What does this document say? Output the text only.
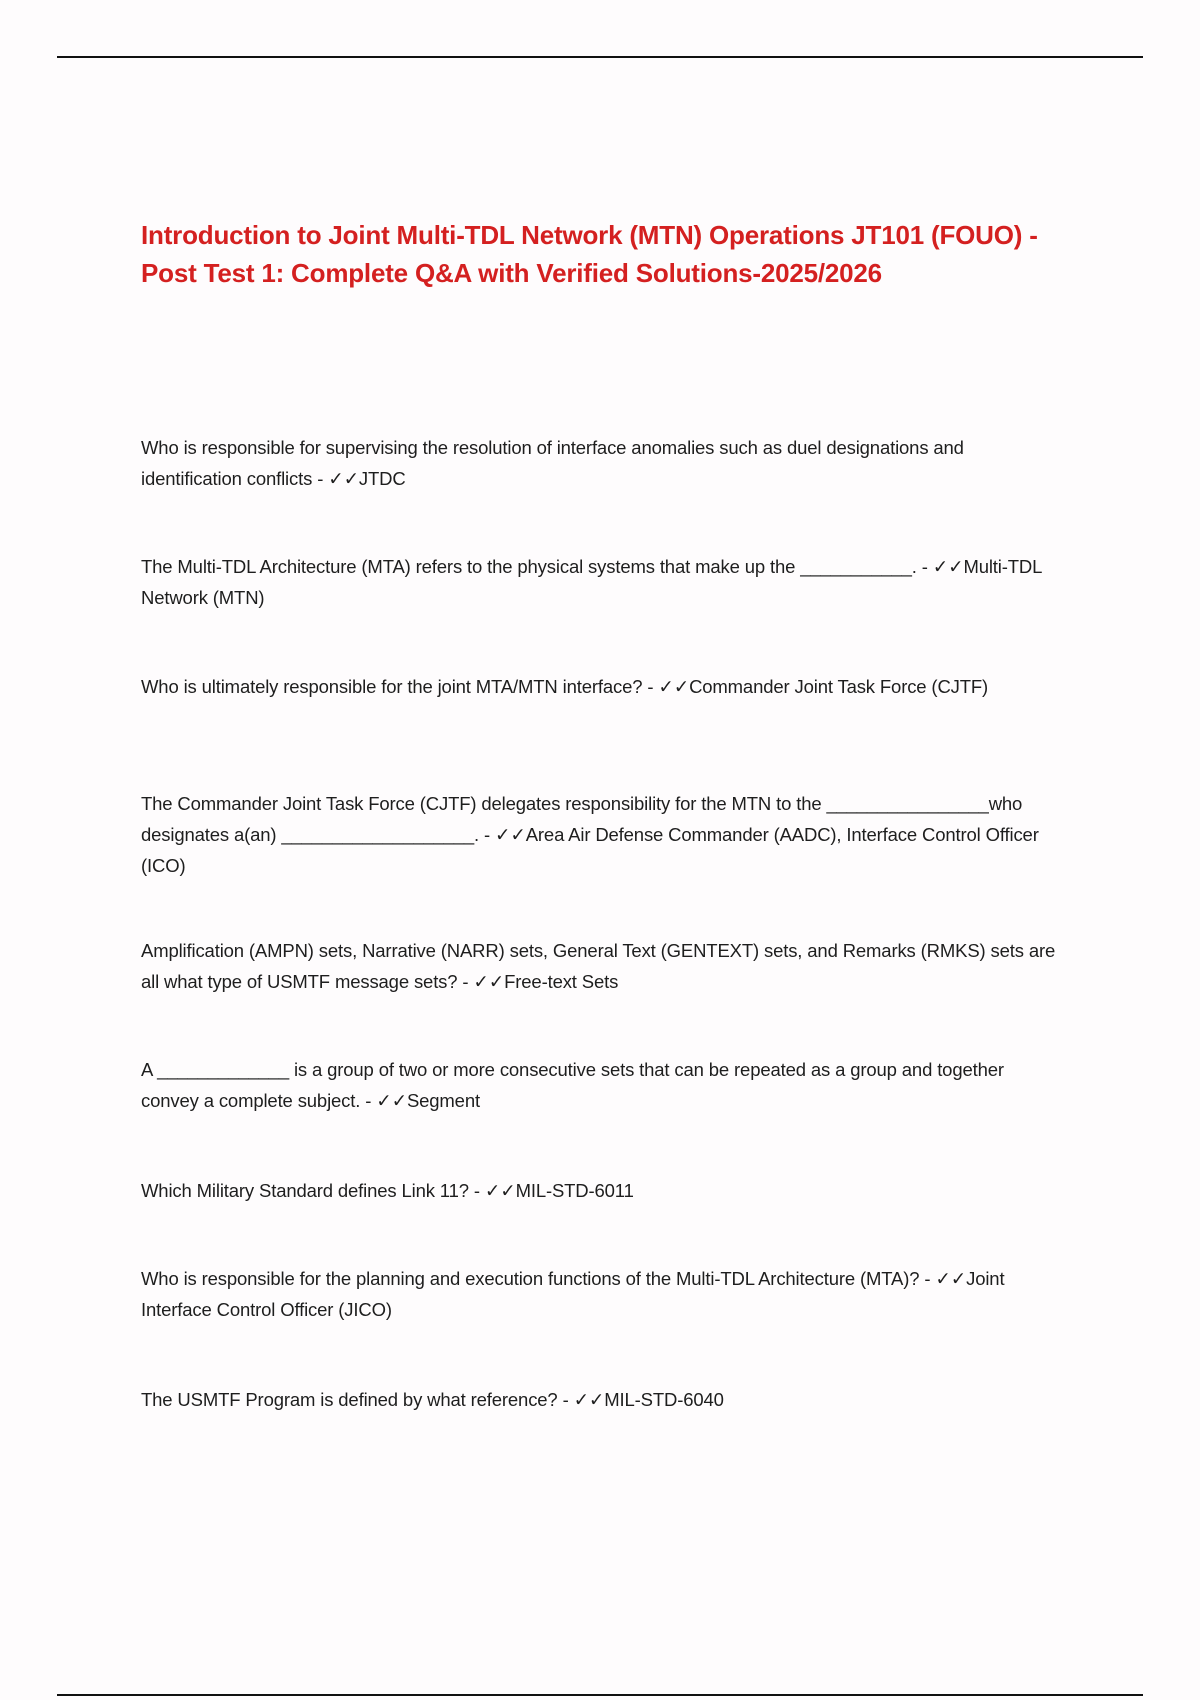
Introduction to Joint Multi-TDL Network (MTN) Operations JT101 (FOUO) - Post Test 1: Complete Q&A with Verified Solutions-2025/2026

Who is responsible for supervising the resolution of interface anomalies such as duel designations and identification conflicts - ✓✓JTDC

The Multi-TDL Architecture (MTA) refers to the physical systems that make up the ___________. - ✓✓Multi-TDL Network (MTN)

Who is ultimately responsible for the joint MTA/MTN interface? - ✓✓Commander Joint Task Force (CJTF)

The Commander Joint Task Force (CJTF) delegates responsibility for the MTN to the ________________who designates a(an) ___________________. - ✓✓Area Air Defense Commander (AADC), Interface Control Officer (ICO)

Amplification (AMPN) sets, Narrative (NARR) sets, General Text (GENTEXT) sets, and Remarks (RMKS) sets are all what type of USMTF message sets? - ✓✓Free-text Sets

A _____________ is a group of two or more consecutive sets that can be repeated as a group and together convey a complete subject. - ✓✓Segment

Which Military Standard defines Link 11? - ✓✓MIL-STD-6011

Who is responsible for the planning and execution functions of the Multi-TDL Architecture (MTA)? - ✓✓Joint Interface Control Officer (JICO)

The USMTF Program is defined by what reference? - ✓✓MIL-STD-6040
